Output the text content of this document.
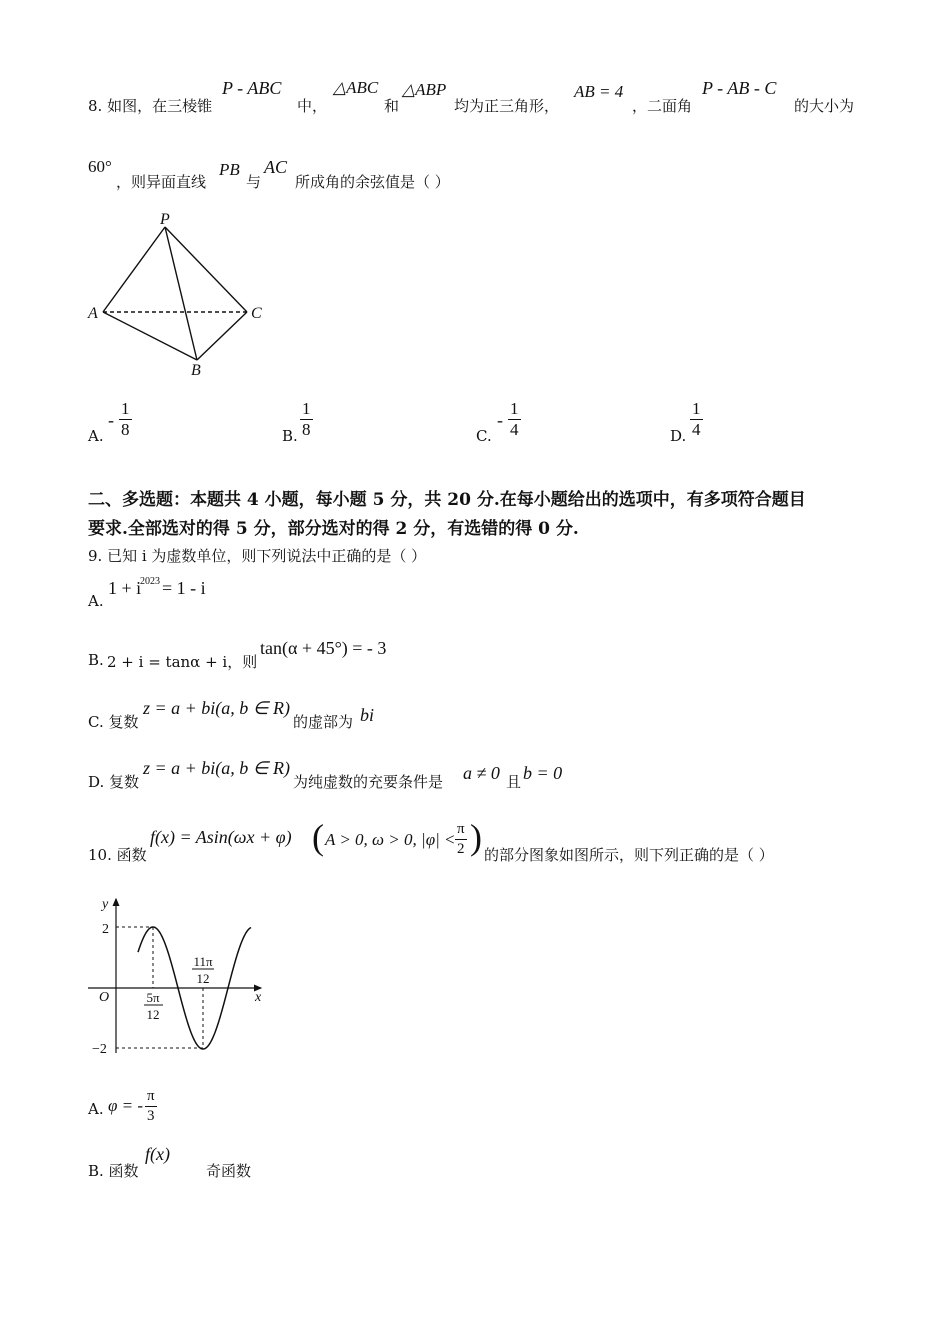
8. 如图，在三棱锥
P - ABC
中，
△ABC
和
△ABP
均为正三角形，
AB = 4
，二面角
P - AB - C
的大小为
60°
，则异面直线
PB
与
AC
所成角的余弦值是（ ）
P
A
B
C
A.
-
1
8	B.
1
8	C.
-
1
4	D.
1
4
二、多选题：本题共 4 小题，每小题 5 分，共 20 分.在每小题给出的选项中，有多项符合题目
要求.全部选对的得 5 分，部分选对的得 2 分，有选错的得 0 分.
9. 已知 i 为虚数单位，则下列说法中正确的是（ ）
A.
1 + i
2023 = 1 - i
B. 2 + i = tanα + i，则
tan(α + 45°) = - 3
C. 复数
z = a + bi(a, b ∈ R)
的虚部为 bi
D. 复数
z = a + bi(a, b ∈ R)
为纯虚数的充要条件是 a ≠ 0 且 b = 0
10. 函数
f(x) = Asin(ωx + φ) ( A > 0, ω > 0, |φ| <
π
2 ) 的部分图象如图所示，则下列正确的是（ ）
y
x
O
2
−2
5π
12
11π
12
A. φ = - π
3
B. 函数
f(x)
奇函数
